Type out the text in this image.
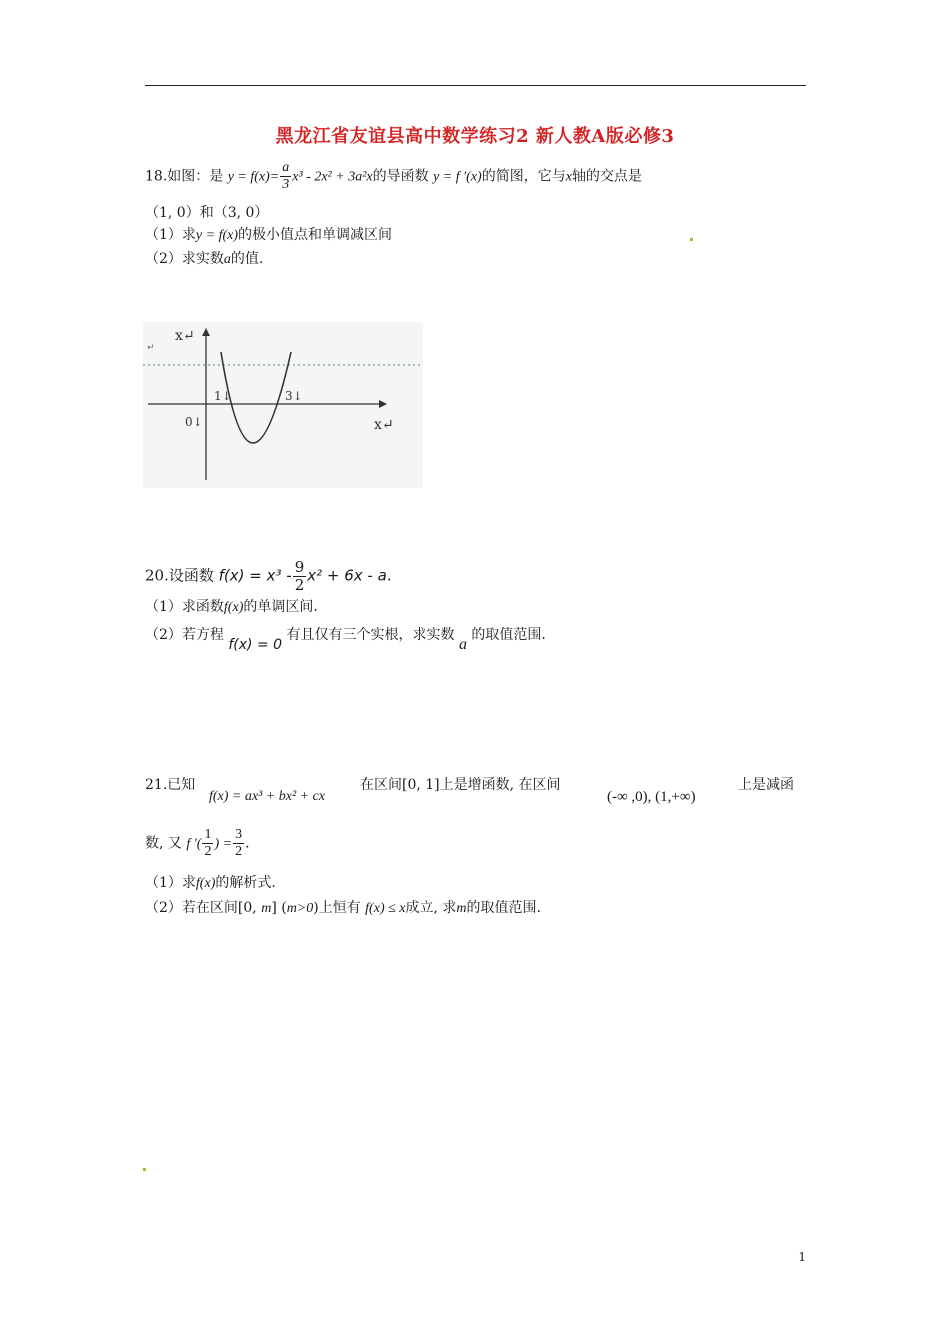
黑龙江省友谊县高中数学练习2 新人教A版必修3
18.如图：是 $y = f(x)= \frac{a}{3} x^3 - 2x^2 + 3a^2x$的导函数 y = f ′(x)的简图，它与x轴的交点是
（1, 0）和（3, 0）
（1）求y = f(x)的极小值点和单调减区间
（2）求实数a的值.
x↵
↵
x↵
0↓
1↓	3↓
20.设函数 $f(x) = x^3 - \frac{9}{2} x^2 + 6x - a$.
（1）求函数f(x)的单调区间.
（2）若方程 f(x) = 0 有且仅有三个实根，求实数 a 的取值范围.
21.已知
f(x) = ax³ + bx² + cx
在区间[0, 1]上是增函数, 在区间
(-∞ ,0), (1,+∞)
上是减函
数, 又 f ′( $\frac{1}{2}$ ) = $\frac{3}{2}$ .
（1）求f(x)的解析式.
（2）若在区间[0, m] (m>0)上恒有 f(x) ≤ x成立, 求m的取值范围.
1
